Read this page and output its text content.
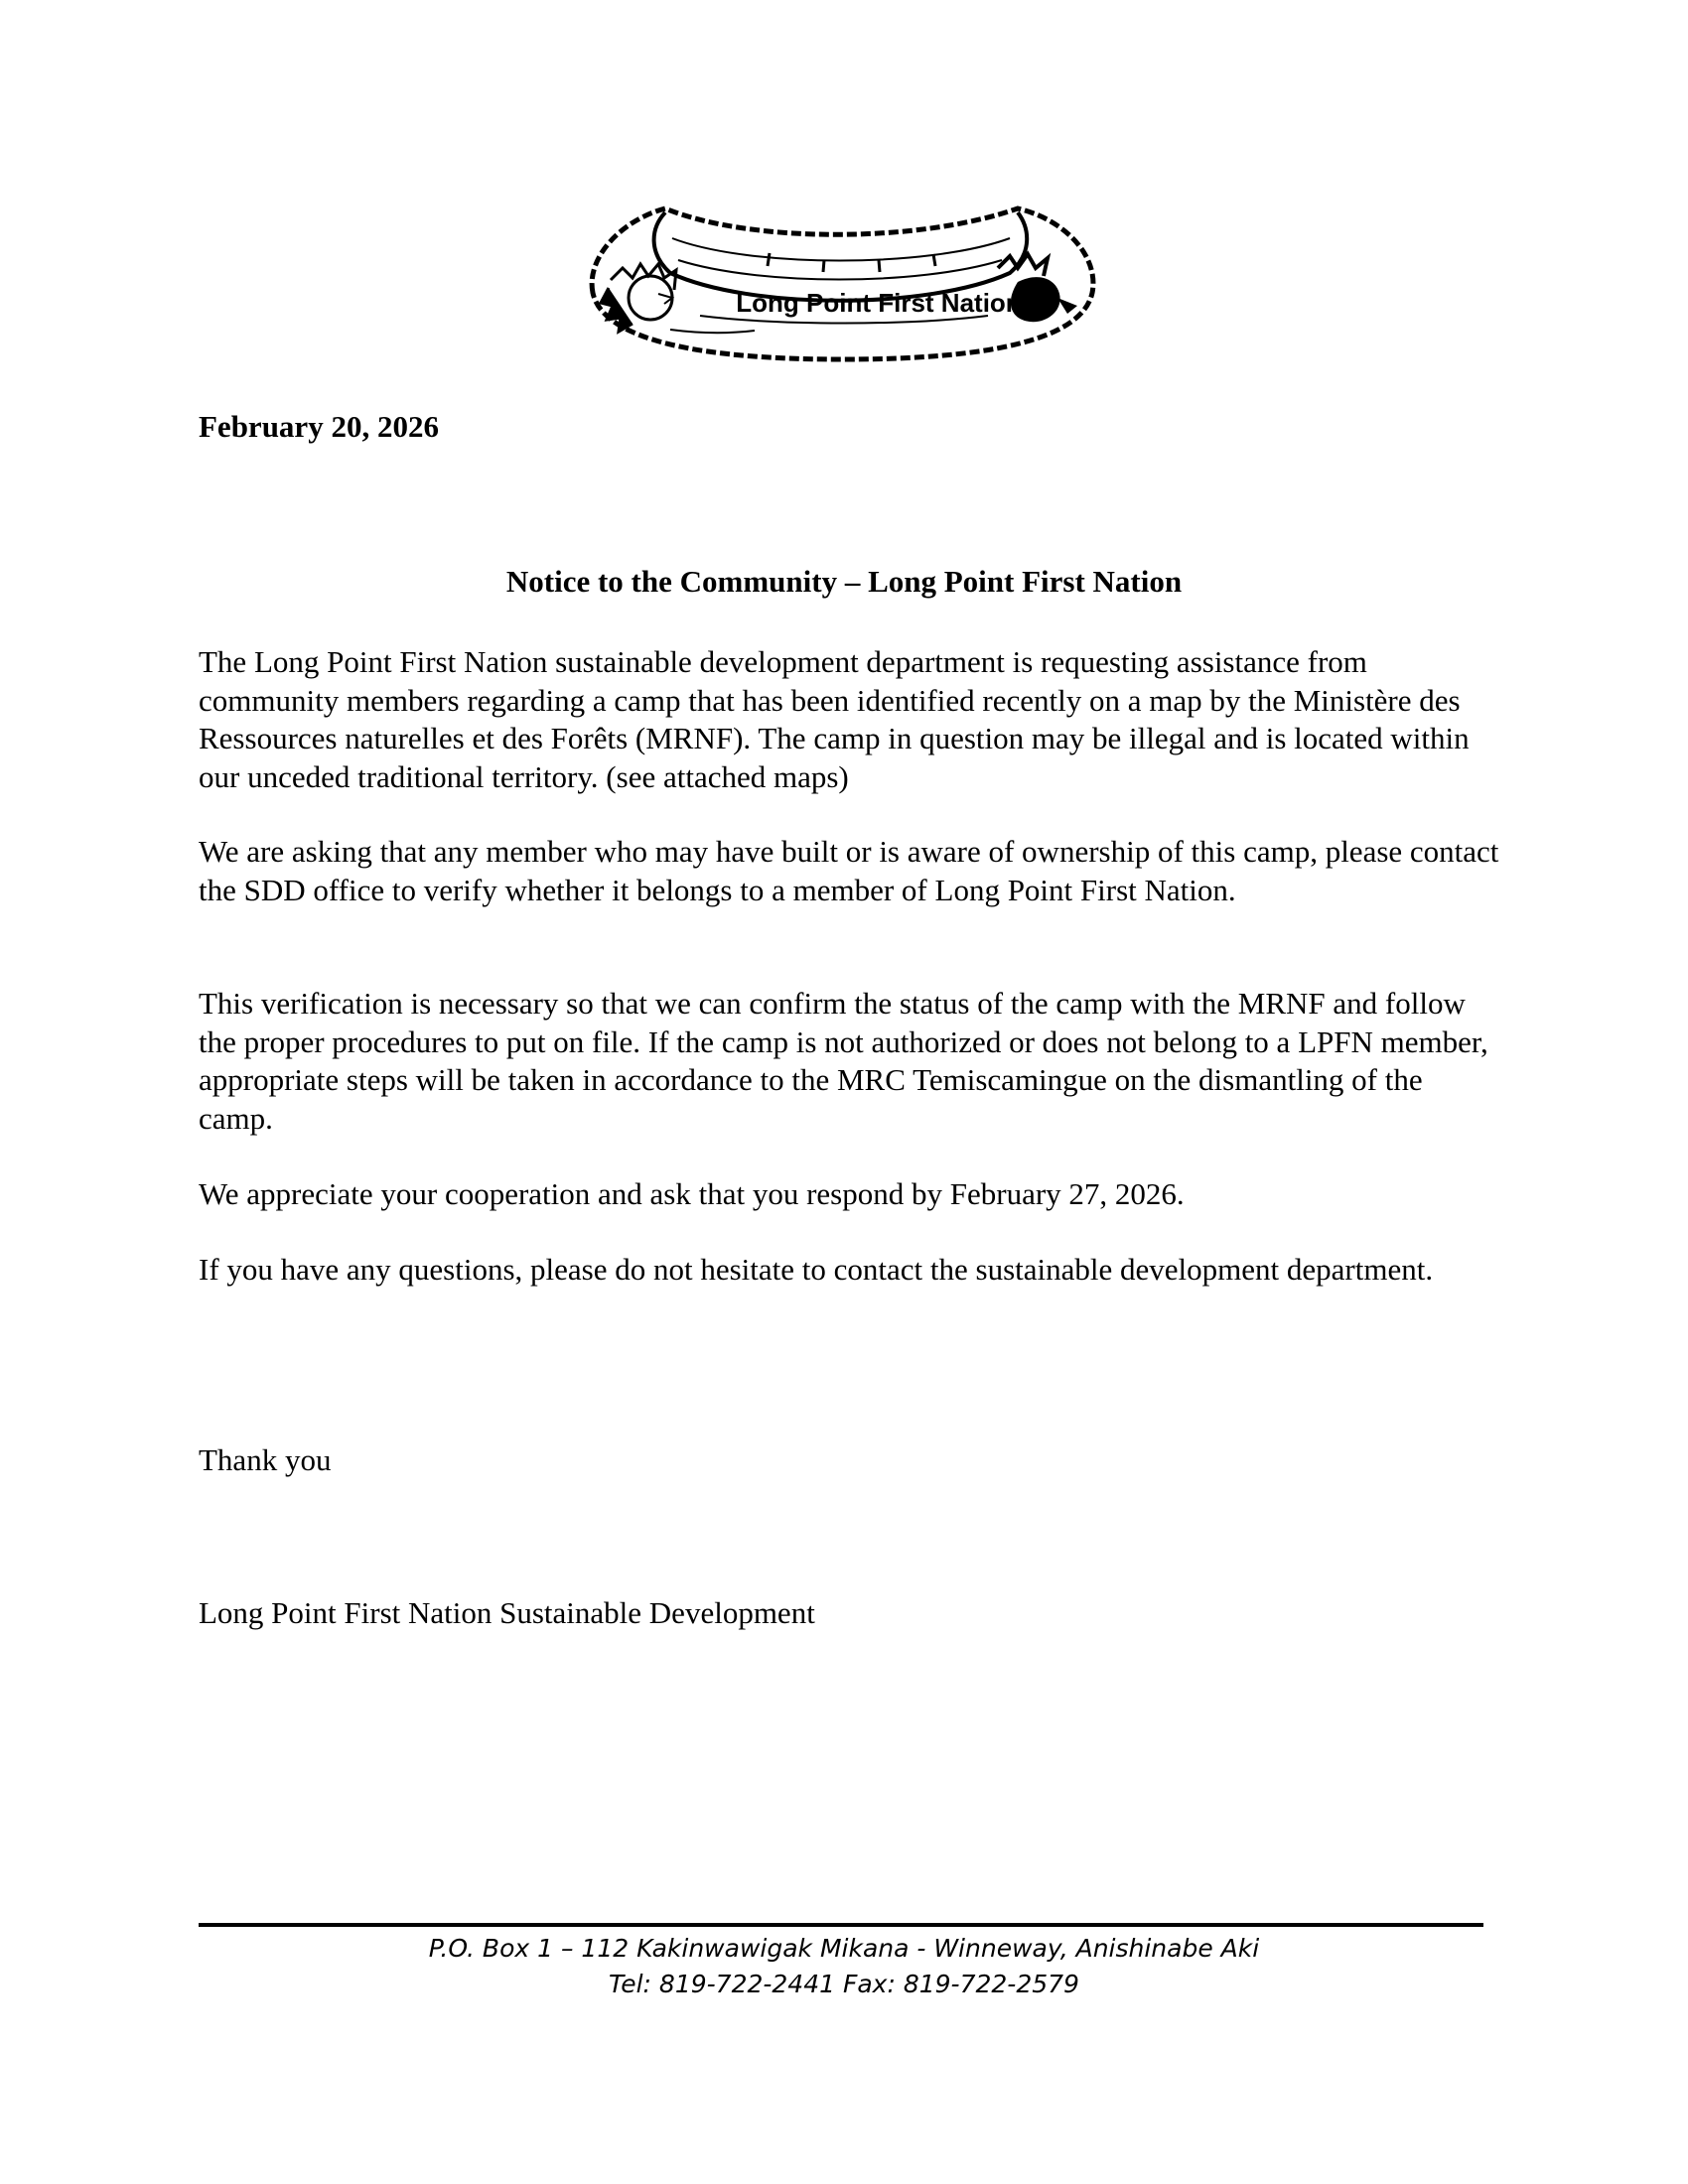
Long Point First Nation

February 20, 2026

Notice to the Community – Long Point First Nation

The Long Point First Nation sustainable development department is requesting assistance from community members regarding a camp that has been identified recently on a map by the Ministère des Ressources naturelles et des Forêts (MRNF). The camp in question may be illegal and is located within our unceded traditional territory. (see attached maps)

We are asking that any member who may have built or is aware of ownership of this camp, please contact the SDD office to verify whether it belongs to a member of Long Point First Nation.

This verification is necessary so that we can confirm the status of the camp with the MRNF and follow the proper procedures to put on file. If the camp is not authorized or does not belong to a LPFN member, appropriate steps will be taken in accordance to the MRC Temiscamingue on the dismantling of the camp.

We appreciate your cooperation and ask that you respond by February 27, 2026.

If you have any questions, please do not hesitate to contact the sustainable development department.

Thank you

Long Point First Nation Sustainable Development

P.O. Box 1 – 112 Kakinwawigak Mikana - Winneway, Anishinabe Aki

Tel: 819-722-2441 Fax: 819-722-2579
